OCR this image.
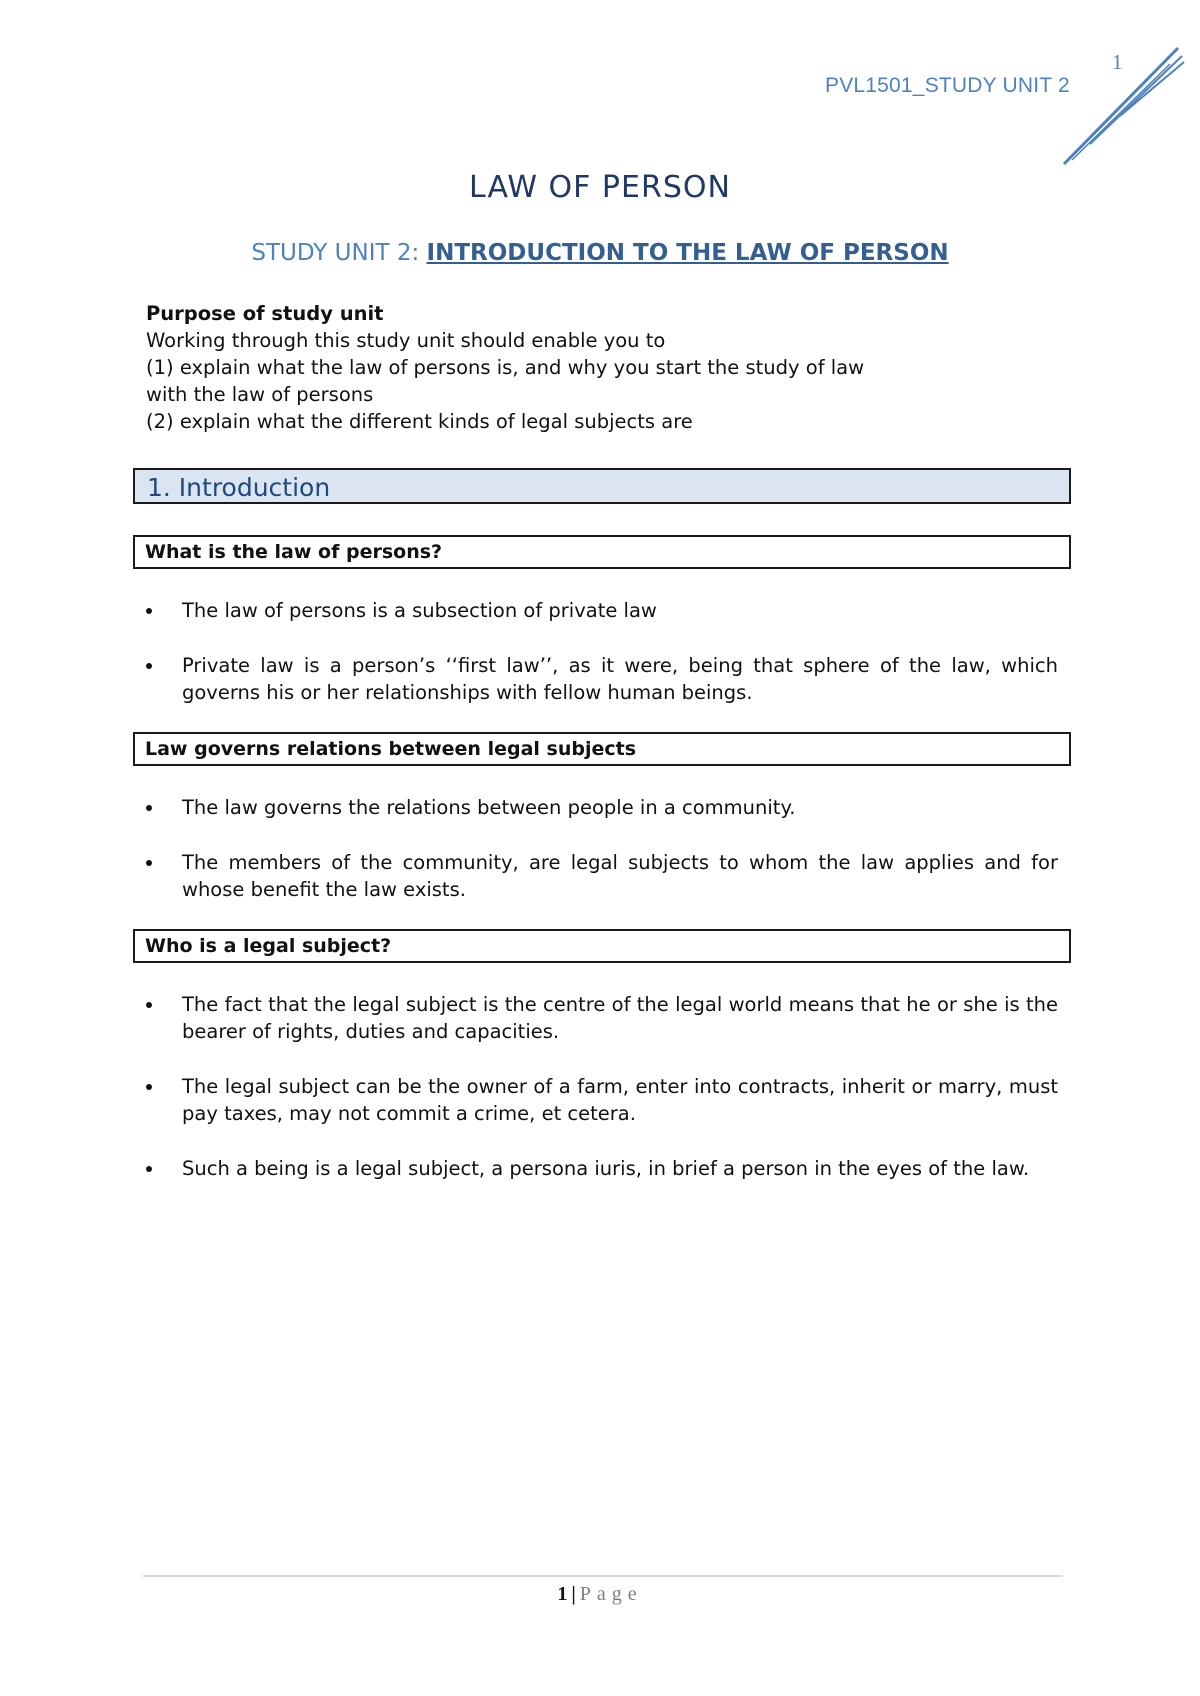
PVL1501_STUDY UNIT 2
1
LAW OF PERSON
STUDY UNIT 2: INTRODUCTION TO THE LAW OF PERSON
Purpose of study unit
Working through this study unit should enable you to
(1) explain what the law of persons is, and why you start the study of law
with the law of persons
(2) explain what the different kinds of legal subjects are
1. Introduction
What is the law of persons?
The law of persons is a subsection of private law
Private law is a person’s ‘‘first law’’, as it were, being that sphere of the law, which governs his or her relationships with fellow human beings.
Law governs relations between legal subjects
The law governs the relations between people in a community.
The members of the community, are legal subjects to whom the law applies and for whose benefit the law exists.
Who is a legal subject?
The fact that the legal subject is the centre of the legal world means that he or she is the bearer of rights, duties and capacities.
The legal subject can be the owner of a farm, enter into contracts, inherit or marry, must pay taxes, may not commit a crime, et cetera.
Such a being is a legal subject, a persona iuris, in brief a person in the eyes of the law.
1 | Page
